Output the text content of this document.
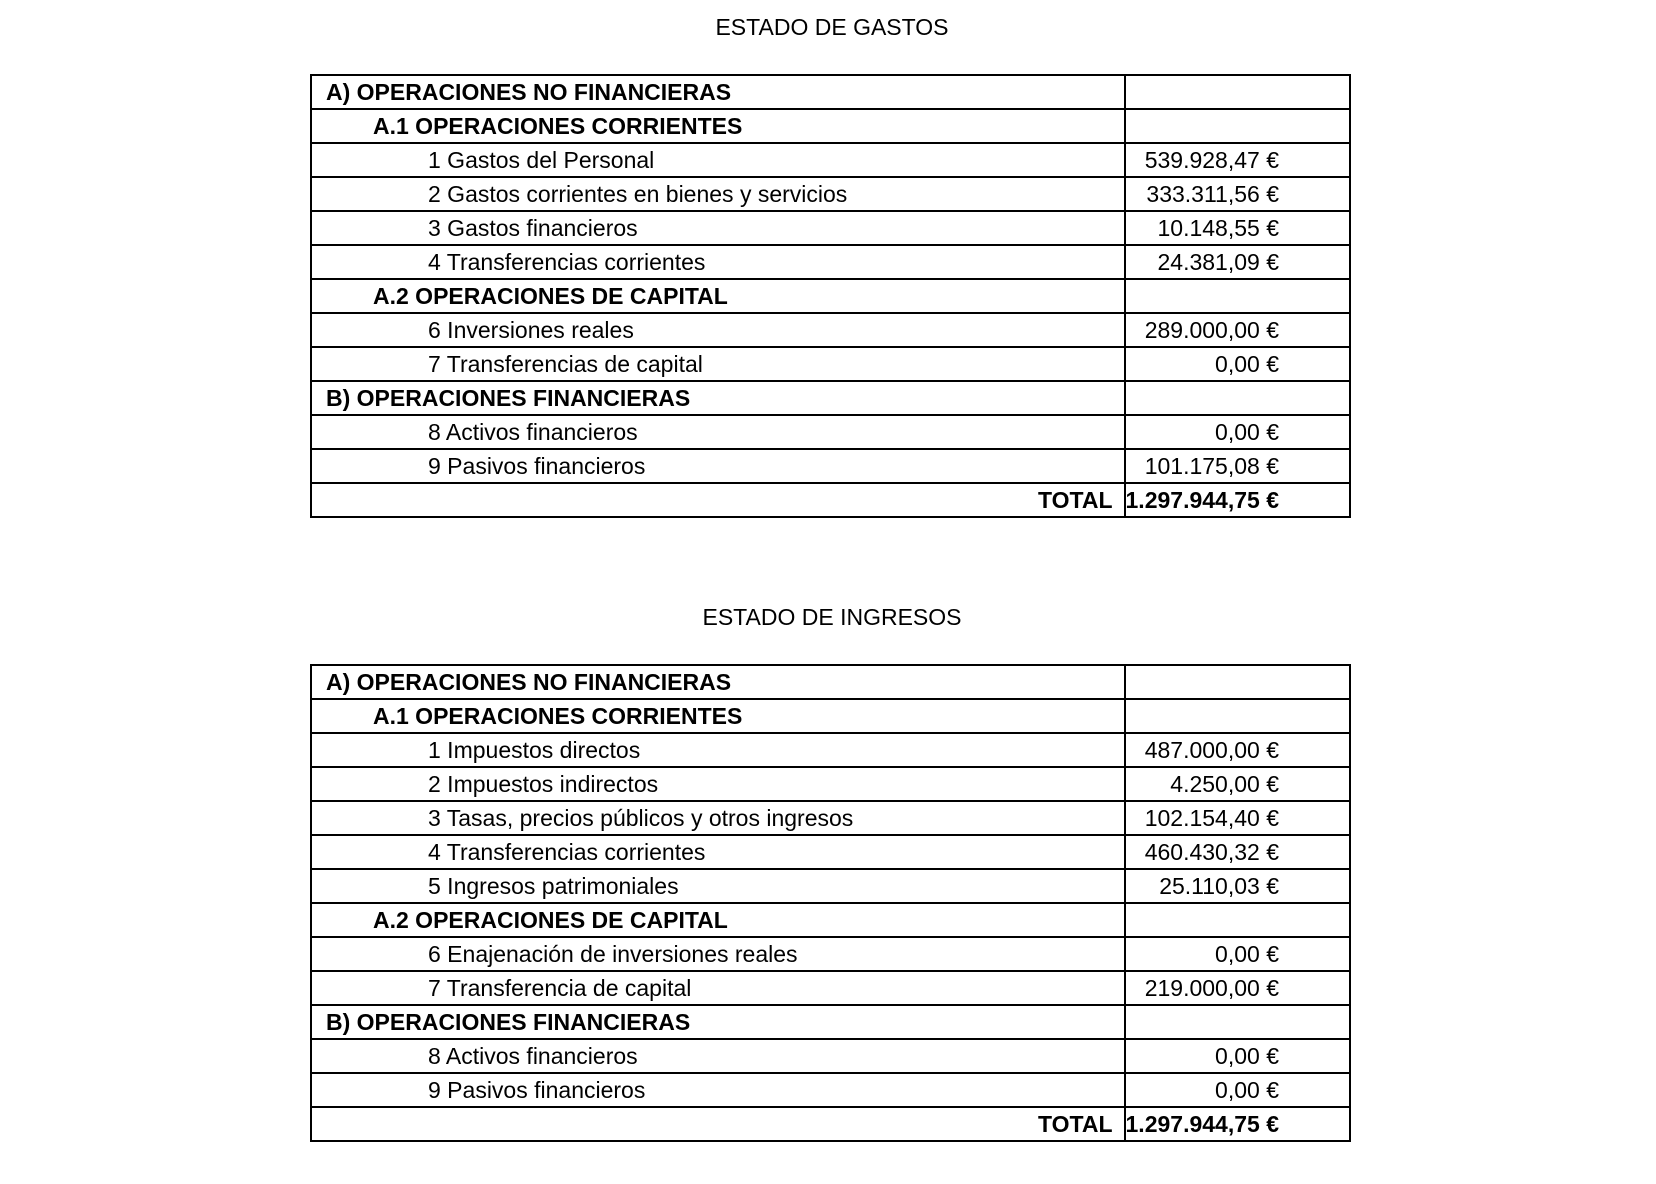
ESTADO DE GASTOS
A) OPERACIONES NO FINANCIERAS	
A.1 OPERACIONES CORRIENTES	
1 Gastos del Personal	539.928,47 €
2 Gastos corrientes en bienes y servicios	333.311,56 €
3 Gastos financieros	10.148,55 €
4 Transferencias corrientes	24.381,09 €
A.2 OPERACIONES DE CAPITAL	
6 Inversiones reales	289.000,00 €
7 Transferencias de capital	0,00 €
B) OPERACIONES FINANCIERAS	
8 Activos financieros	0,00 €
9 Pasivos financieros	101.175,08 €
TOTAL	1.297.944,75 €
ESTADO DE INGRESOS
A) OPERACIONES NO FINANCIERAS	
A.1 OPERACIONES CORRIENTES	
1 Impuestos directos	487.000,00 €
2 Impuestos indirectos	4.250,00 €
3 Tasas, precios públicos y otros ingresos	102.154,40 €
4 Transferencias corrientes	460.430,32 €
5 Ingresos patrimoniales	25.110,03 €
A.2 OPERACIONES DE CAPITAL	
6 Enajenación de inversiones reales	0,00 €
7 Transferencia de capital	219.000,00 €
B) OPERACIONES FINANCIERAS	
8 Activos financieros	0,00 €
9 Pasivos financieros	0,00 €
TOTAL	1.297.944,75 €
